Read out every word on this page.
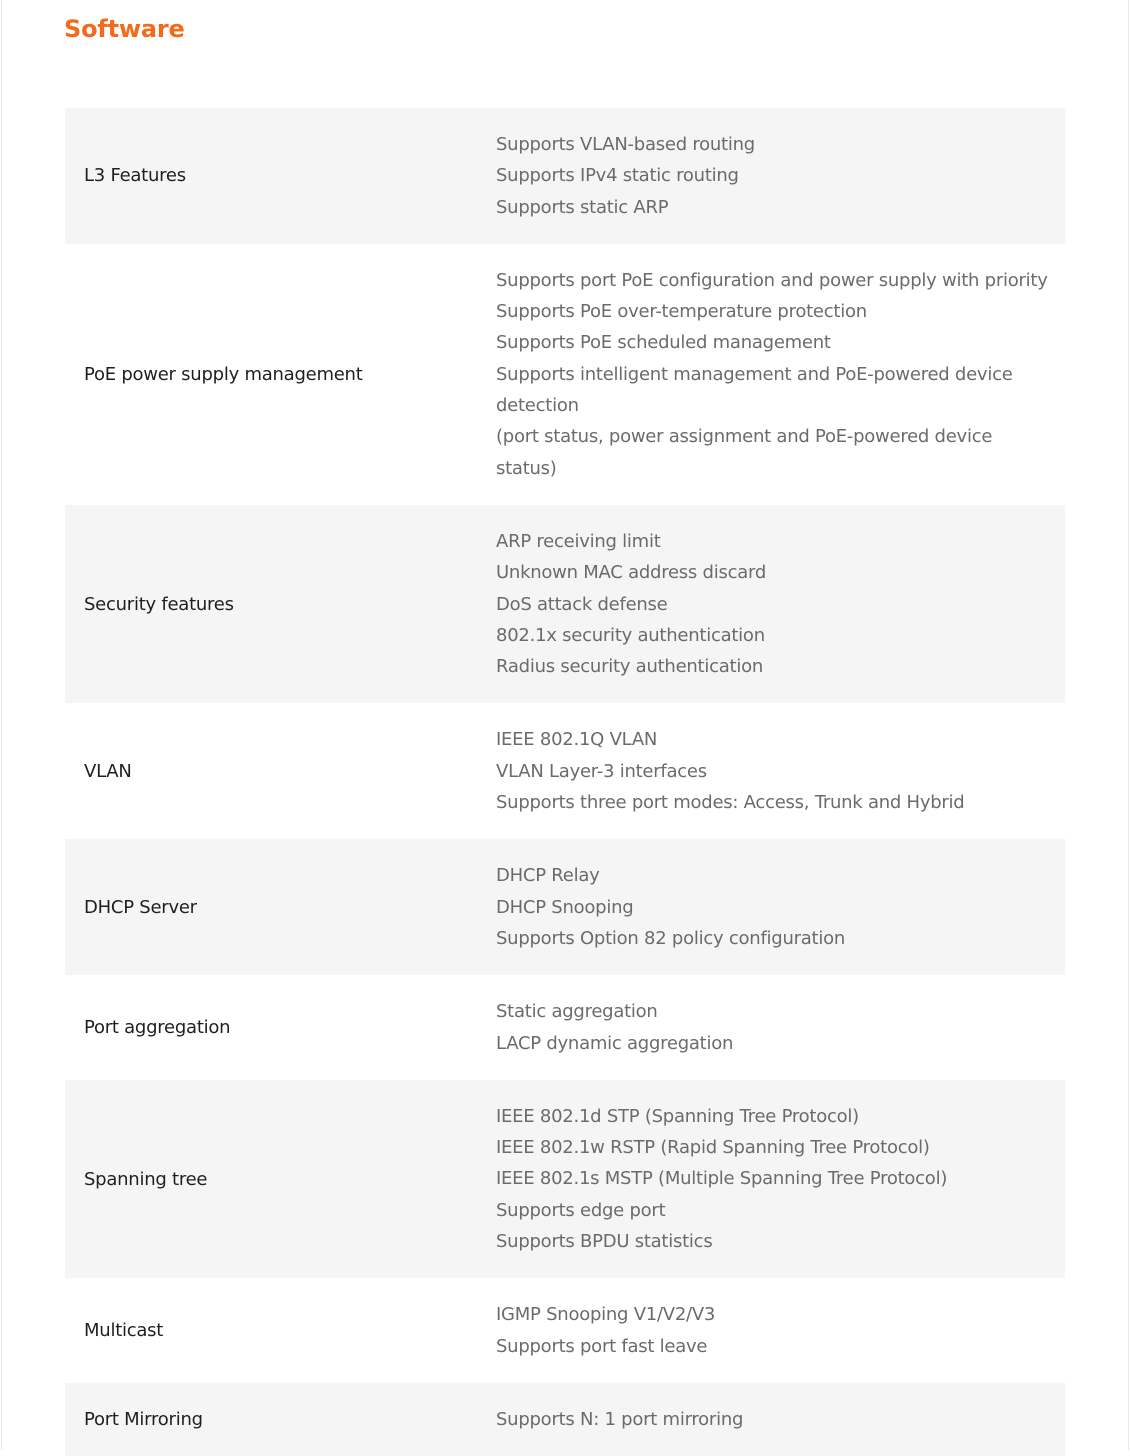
Software
L3 Features
Supports VLAN-based routing
Supports IPv4 static routing
Supports static ARP
PoE power supply management
Supports port PoE configuration and power supply with priority
Supports PoE over-temperature protection
Supports PoE scheduled management
Supports intelligent management and PoE-powered device detection
(port status, power assignment and PoE-powered device status)
Security features
ARP receiving limit
Unknown MAC address discard
DoS attack defense
802.1x security authentication
Radius security authentication
VLAN
IEEE 802.1Q VLAN
VLAN Layer-3 interfaces
Supports three port modes: Access, Trunk and Hybrid
DHCP Server
DHCP Relay
DHCP Snooping
Supports Option 82 policy configuration
Port aggregation
Static aggregation
LACP dynamic aggregation
Spanning tree
IEEE 802.1d STP (Spanning Tree Protocol)
IEEE 802.1w RSTP (Rapid Spanning Tree Protocol)
IEEE 802.1s MSTP (Multiple Spanning Tree Protocol)
Supports edge port
Supports BPDU statistics
Multicast
IGMP Snooping V1/V2/V3
Supports port fast leave
Port Mirroring	Supports N: 1 port mirroring
